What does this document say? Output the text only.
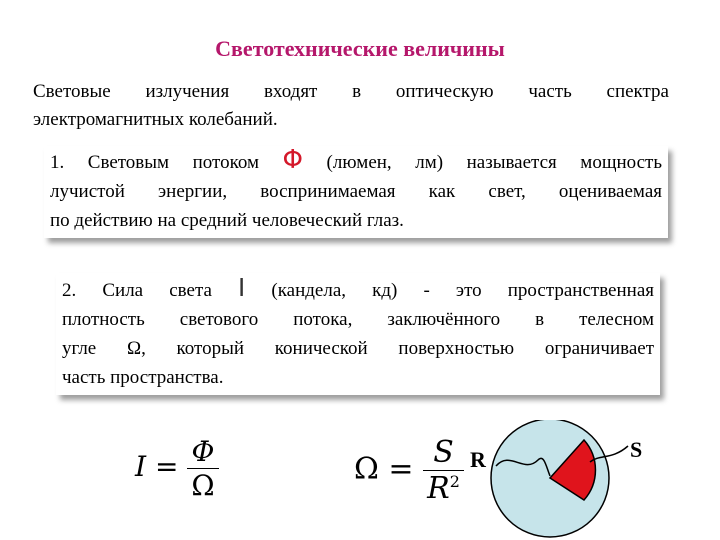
Светотехнические величины
Световые излучения входят в оптическую часть спектра
электромагнитных колебаний.
1. Световым потоком Φ (люмен, лм) называется мощность
лучистой энергии, воспринимаемая как свет, оцениваемая
по действию на средний человеческий глаз.
2. Сила света I (кандела, кд) - это пространственная
плотность светового потока, заключённого в телесном
угле Ω, который конической поверхностью ограничивает
часть пространства.
$I = \frac{\Phi}{\Omega}$	$\Omega = \frac{S}{R^2}$ R	S
